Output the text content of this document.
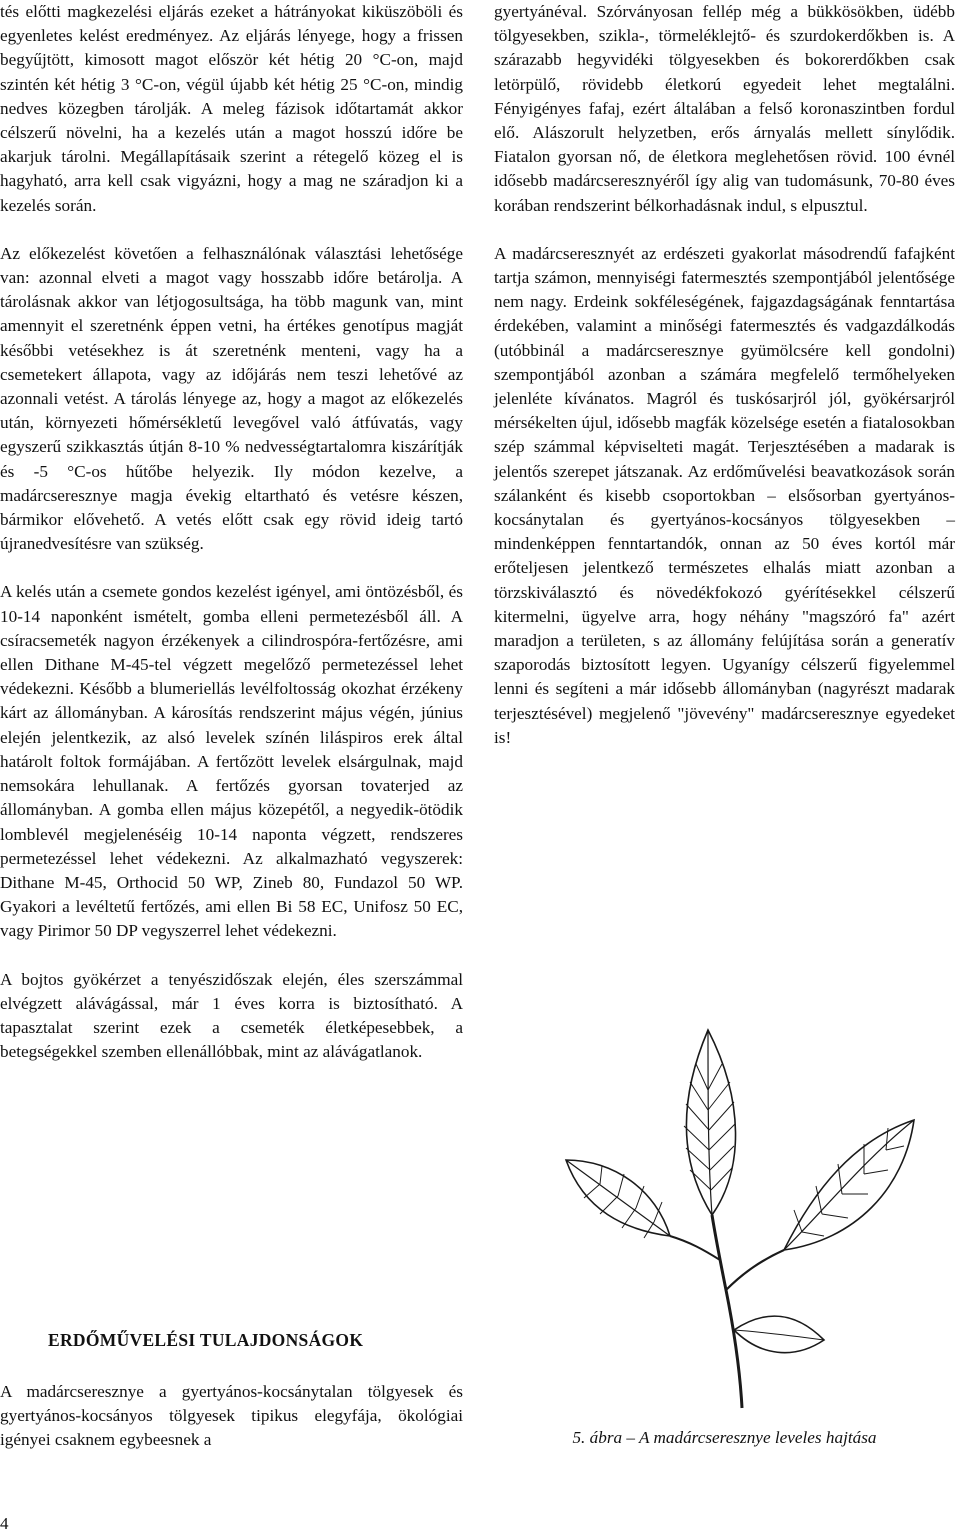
tés előtti magkezelési eljárás ezeket a hátrányokat kiküszöböli és egyenletes kelést eredményez. Az eljárás lényege, hogy a frissen begyűjtött, kimosott magot először két hétig 20 °C-on, majd szintén két hétig 3 °C-on, végül újabb két hétig 25 °C-on, mindig nedves közegben tárolják. A meleg fázisok időtartamát akkor célszerű növelni, ha a kezelés után a magot hosszú időre be akarjuk tárolni. Megállapításaik szerint a rétegelő közeg el is hagyható, arra kell csak vigyázni, hogy a mag ne száradjon ki a kezelés során.

Az előkezelést követően a felhasználónak választási lehetősége van: azonnal elveti a magot vagy hosszabb időre betárolja. A tárolásnak akkor van létjogosultsága, ha több magunk van, mint amennyit el szeretnénk éppen vetni, ha értékes genotípus magját későbbi vetésekhez is át szeretnénk menteni, vagy ha a csemetekert állapota, vagy az időjárás nem teszi lehetővé az azonnali vetést. A tárolás lényege az, hogy a magot az előkezelés után, környezeti hőmérsékletű levegővel való átfúvatás, vagy egyszerű szikkasztás útján 8-10 % nedvességtartalomra kiszárítják és -5 °C-os hűtőbe helyezik. Ily módon kezelve, a madárcseresznye magja évekig eltartható és vetésre készen, bármikor elővehető. A vetés előtt csak egy rövid ideig tartó újranedvesítésre van szükség.

A kelés után a csemete gondos kezelést igényel, ami öntözésből, és 10-14 naponként ismételt, gomba elleni permetezésből áll. A csíracsemeték nagyon érzékenyek a cilindrospóra-fertőzésre, ami ellen Dithane M-45-tel végzett megelőző permetezéssel lehet védekezni. Később a blumeriellás levélfoltosság okozhat érzékeny kárt az állományban. A károsítás rendszerint május végén, június elején jelentkezik, az alsó levelek színén liláspiros erek által határolt foltok formájában. A fertőzött levelek elsárgulnak, majd nemsokára lehullanak. A fertőzés gyorsan tovaterjed az állományban. A gomba ellen május közepétől, a negyedik-ötödik lomblevél megjelenéséig 10-14 naponta végzett, rendszeres permetezéssel lehet védekezni. Az alkalmazható vegyszerek: Dithane M-45, Orthocid 50 WP, Zineb 80, Fundazol 50 WP. Gyakori a levéltetű fertőzés, ami ellen Bi 58 EC, Unifosz 50 EC, vagy Pirimor 50 DP vegyszerrel lehet védekezni.

A bojtos gyökérzet a tenyészidőszak elején, éles szerszámmal elvégzett alávágással, már 1 éves korra is biztosítható. A tapasztalat szerint ezek a csemeték életképesebbek, a betegségekkel szemben ellenállóbbak, mint az alávágatlanok.

ERDŐMŰVELÉSI TULAJDONSÁGOK

A madárcseresznye a gyertyános-kocsánytalan tölgyesek és gyertyános-kocsányos tölgyesek tipikus elegyfája, ökológiai igényei csaknem egybeesnek a

gyertyánéval. Szórványosan fellép még a bükkösökben, üdébb tölgyesekben, szikla-, törmeléklejtő- és szurdokerdőkben is. A szárazabb hegyvidéki tölgyesekben és bokorerdőkben csak letörpülő, rövidebb életkorú egyedeit lehet megtalálni. Fényigényes fafaj, ezért általában a felső koronaszintben fordul elő. Alászorult helyzetben, erős árnyalás mellett sínylődik. Fiatalon gyorsan nő, de életkora meglehetősen rövid. 100 évnél idősebb madárcseresznyéről így alig van tudomásunk, 70-80 éves korában rendszerint bélkorhadásnak indul, s elpusztul.

A madárcseresznyét az erdészeti gyakorlat másodrendű fafajként tartja számon, mennyiségi fatermesztés szempontjából jelentősége nem nagy. Erdeink sokféleségének, fajgazdagságának fenntartása érdekében, valamint a minőségi fatermesztés és vadgazdálkodás (utóbbinál a madárcseresznye gyümölcsére kell gondolni) szempontjából azonban a számára megfelelő termőhelyeken jelenléte kívánatos. Magról és tuskósarjról jól, gyökérsarjról mérsékelten újul, idősebb magfák közelsége esetén a fiatalosokban szép számmal képviselteti magát. Terjesztésében a madarak is jelentős szerepet játszanak. Az erdőművelési beavatkozások során szálanként és kisebb csoportokban – elsősorban gyertyános-kocsánytalan és gyertyános-kocsányos tölgyesekben – mindenképpen fenntartandók, onnan az 50 éves kortól már erőteljesen jelentkező természetes elhalás miatt azonban a törzskiválasztó és növedékfokozó gyérítésekkel célszerű kitermelni, ügyelve arra, hogy néhány "magszóró fa" azért maradjon a területen, s az állomány felújítása során a generatív szaporodás biztosított legyen. Ugyanígy célszerű figyelemmel lenni és segíteni a már idősebb állományban (nagyrészt madarak terjesztésével) megjelenő "jövevény" madárcseresznye egyedeket is!

5. ábra – A madárcseresznye leveles hajtása
4
